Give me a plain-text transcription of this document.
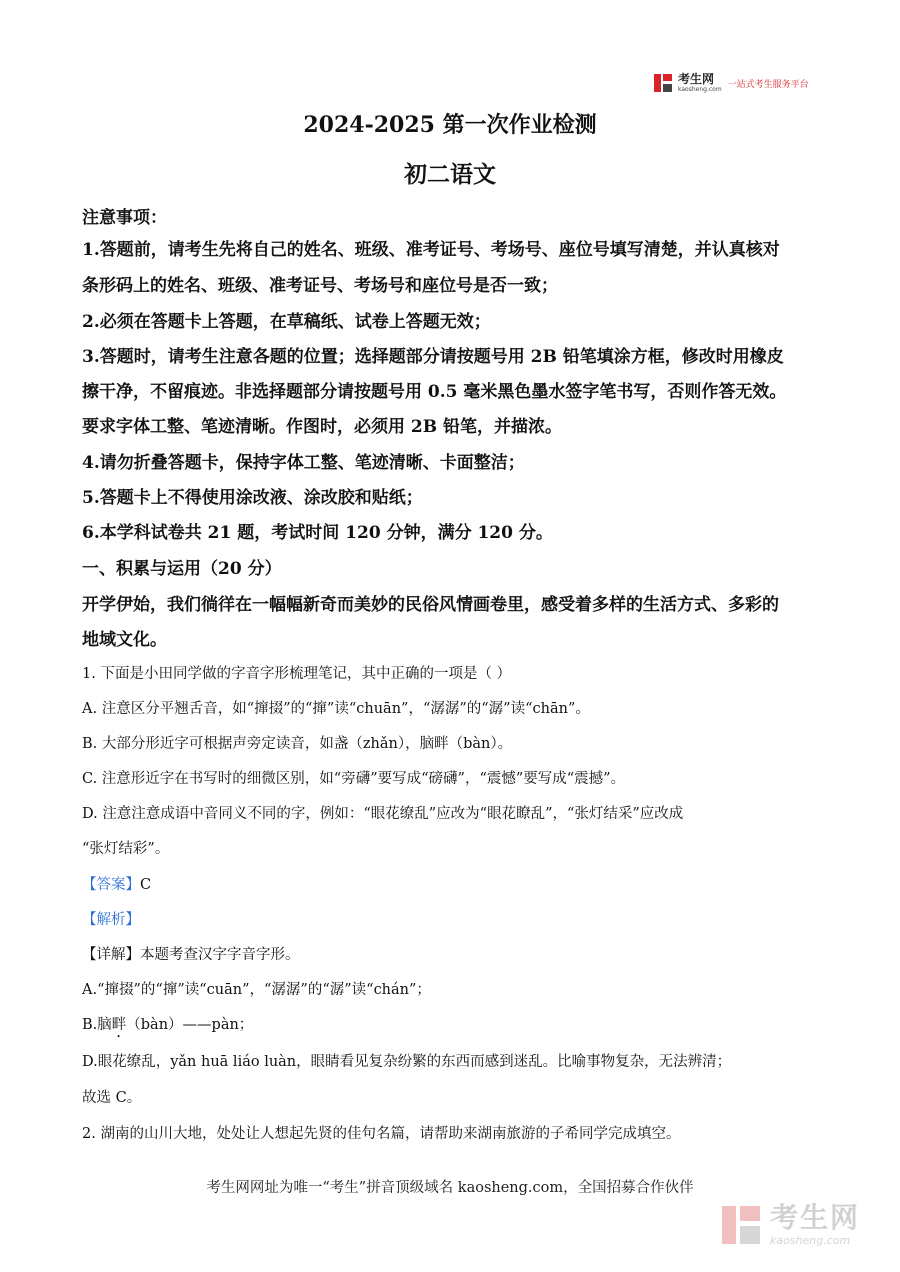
考生网
kaosheng.com 一站式考生服务平台
2024-2025 第一次作业检测
初二语文
注意事项：
1.答题前，请考生先将自己的姓名、班级、准考证号、考场号、座位号填写清楚，并认真核对
条形码上的姓名、班级、准考证号、考场号和座位号是否一致；
2.必须在答题卡上答题，在草稿纸、试卷上答题无效；
3.答题时，请考生注意各题的位置；选择题部分请按题号用 2B 铅笔填涂方框，修改时用橡皮
擦干净，不留痕迹。非选择题部分请按题号用 0.5 毫米黑色墨水签字笔书写，否则作答无效。
要求字体工整、笔迹清晰。作图时，必须用 2B 铅笔，并描浓。
4.请勿折叠答题卡，保持字体工整、笔迹清晰、卡面整洁；
5.答题卡上不得使用涂改液、涂改胶和贴纸；
6.本学科试卷共 21 题，考试时间 120 分钟，满分 120 分。
一、积累与运用（20 分）
开学伊始，我们徜徉在一幅幅新奇而美妙的民俗风情画卷里，感受着多样的生活方式、多彩的
地域文化。
1. 下面是小田同学做的字音字形梳理笔记，其中正确的一项是（ ）
A. 注意区分平翘舌音，如“撺掇”的“撺”读“chuān”，“潺潺”的“潺”读“chān”。
B. 大部分形近字可根据声旁定读音，如盏（zhǎn），脑畔（bàn）。
C. 注意形近字在书写时的细微区别，如“旁礴”要写成“磅礴”，“震憾”要写成“震撼”。
D. 注意注意成语中音同义不同的字，例如：“眼花缭乱”应改为“眼花瞭乱”，“张灯结采”应改成
“张灯结彩”。
【答案】C
【解析】
【详解】本题考查汉字字音字形。
A.“撺掇”的“撺”读“cuān”，“潺潺”的“潺”读“chán”；
B.脑畔（bàn）——pàn；
D.眼花缭乱，yǎn huā liáo luàn，眼睛看见复杂纷繁的东西而感到迷乱。比喻事物复杂，无法辨清；
故选 C。
2. 湖南的山川大地，处处让人想起先贤的佳句名篇，请帮助来湖南旅游的子希同学完成填空。
考生网网址为唯一“考生”拼音顶级域名 kaosheng.com，全国招募合作伙伴
考生网
kaosheng.com
